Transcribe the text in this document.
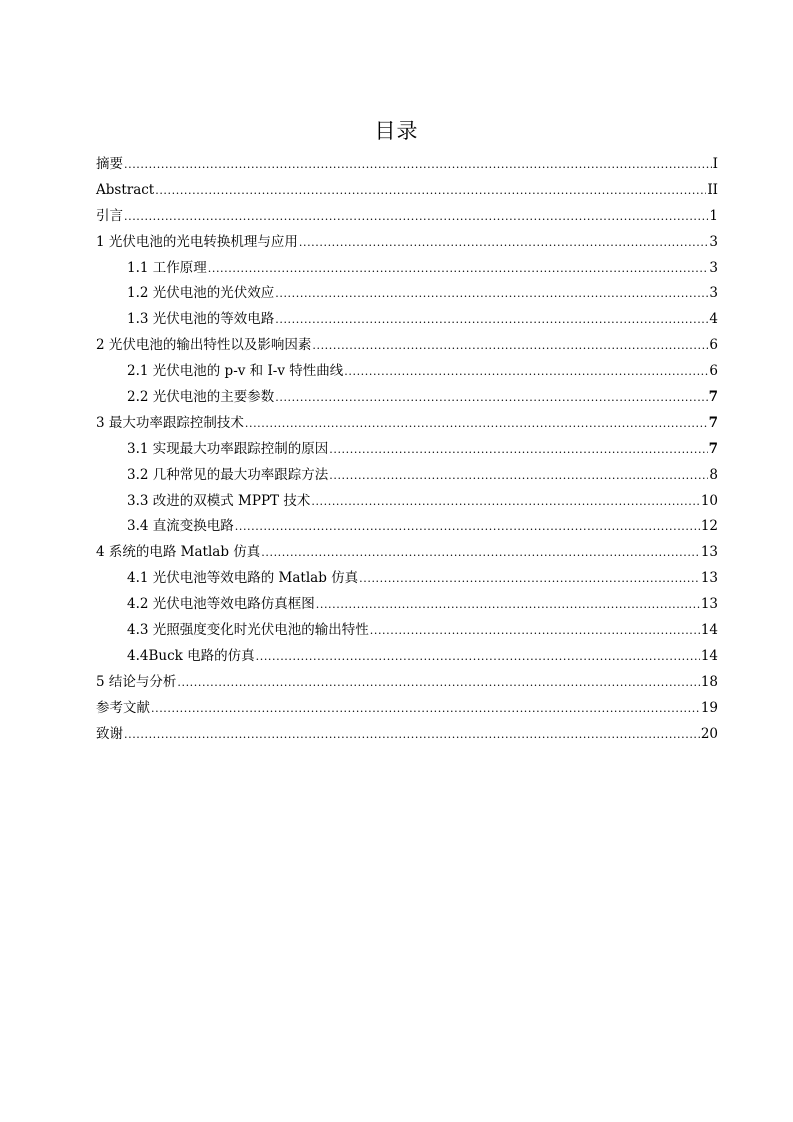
目录
摘要 .....	I
Abstract .....	II
引言 .....	1
1 光伏电池的光电转换机理与应用 .....	3
1.1 工作原理 .....	3
1.2 光伏电池的光伏效应 .....	3
1.3 光伏电池的等效电路 .....	4
2 光伏电池的输出特性以及影响因素 .....	6
2.1 光伏电池的 p-v 和 I-v 特性曲线 .....	6
2.2 光伏电池的主要参数 .....	7
3 最大功率跟踪控制技术 .....	7
3.1 实现最大功率跟踪控制的原因 .....	7
3.2 几种常见的最大功率跟踪方法 .....	8
3.3 改进的双模式 MPPT 技术 .....	10
3.4 直流变换电路 .....	12
4 系统的电路 Matlab 仿真 .....	13
4.1 光伏电池等效电路的 Matlab 仿真 .....	13
4.2 光伏电池等效电路仿真框图 .....	13
4.3 光照强度变化时光伏电池的输出特性 .....	14
4.4Buck 电路的仿真 .....	14
5 结论与分析 .....	18
参考文献 .....	19
致谢 .....	20
